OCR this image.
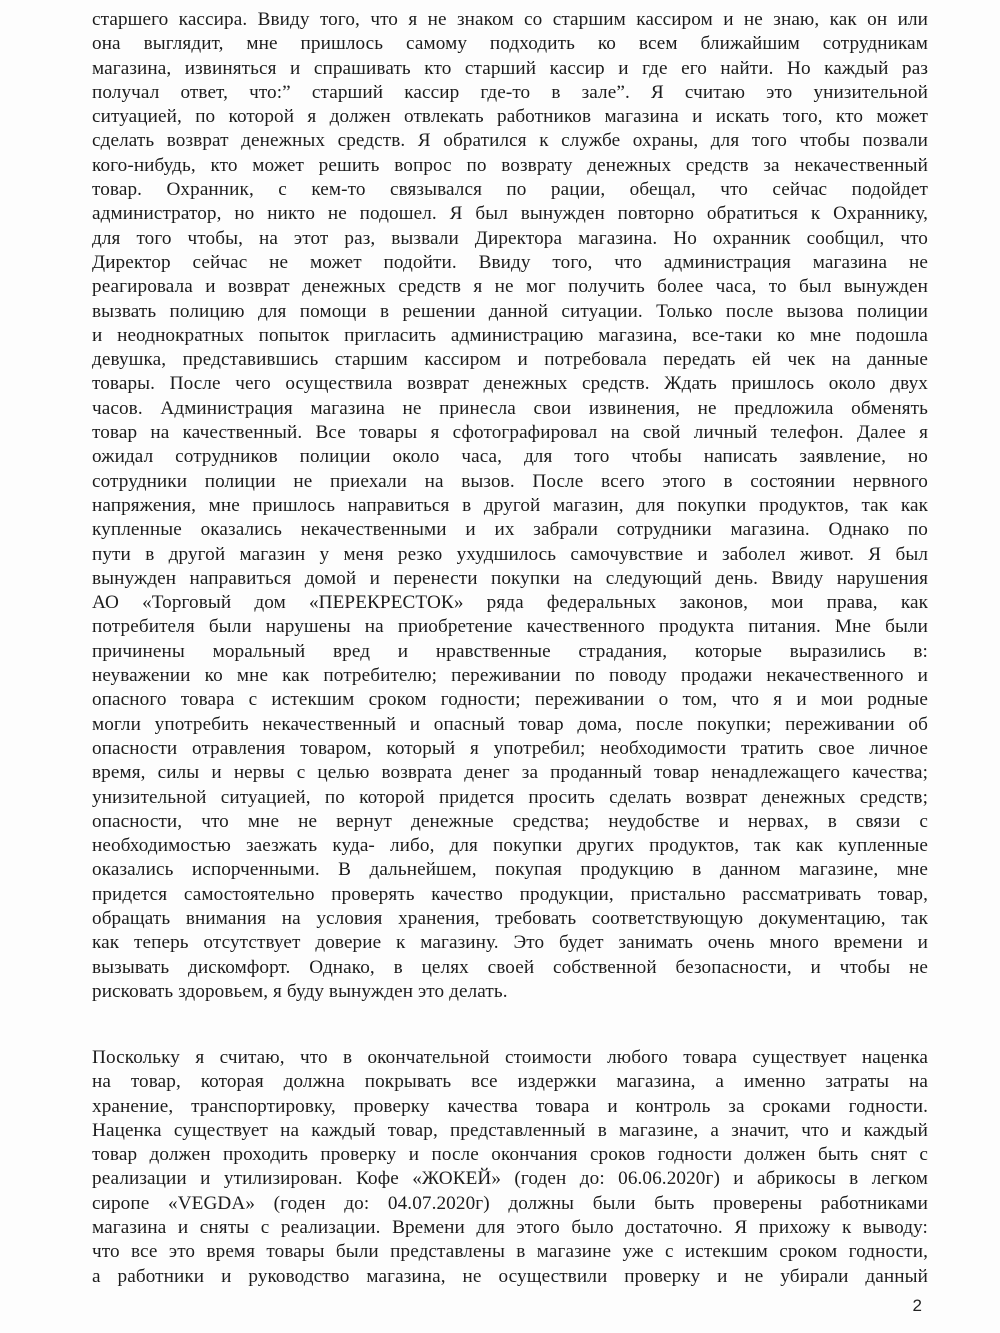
старшего кассира. Ввиду того, что я не знаком со старшим кассиром и не знаю, как он или
она выглядит, мне пришлось самому подходить ко всем ближайшим сотрудникам
магазина, извиняться и спрашивать кто старший кассир и где его найти. Но каждый раз
получал ответ, что:” старший кассир где-то в зале”. Я считаю это унизительной
ситуацией, по которой я должен отвлекать работников магазина и искать того, кто может
сделать возврат денежных средств. Я обратился к службе охраны, для того чтобы позвали
кого-нибудь, кто может решить вопрос по возврату денежных средств за некачественный
товар. Охранник, с кем-то связывался по рации, обещал, что сейчас подойдет
администратор, но никто не подошел. Я был вынужден повторно обратиться к Охраннику,
для того чтобы, на этот раз, вызвали Директора магазина. Но охранник сообщил, что
Директор сейчас не может подойти. Ввиду того, что администрация магазина не
реагировала и возврат денежных средств я не мог получить более часа, то был вынужден
вызвать полицию для помощи в решении данной ситуации. Только после вызова полиции
и неоднократных попыток пригласить администрацию магазина, все-таки ко мне подошла
девушка, представившись старшим кассиром и потребовала передать ей чек на данные
товары. После чего осуществила возврат денежных средств. Ждать пришлось около двух
часов. Администрация магазина не принесла свои извинения, не предложила обменять
товар на качественный. Все товары я сфотографировал на свой личный телефон. Далее я
ожидал сотрудников полиции около часа, для того чтобы написать заявление, но
сотрудники полиции не приехали на вызов. После всего этого в состоянии нервного
напряжения, мне пришлось направиться в другой магазин, для покупки продуктов, так как
купленные оказались некачественными и их забрали сотрудники магазина. Однако по
пути в другой магазин у меня резко ухудшилось самочувствие и заболел живот. Я был
вынужден направиться домой и перенести покупки на следующий день. Ввиду нарушения
АО «Торговый дом «ПЕРЕКРЕСТОК» ряда федеральных законов, мои права, как
потребителя были нарушены на приобретение качественного продукта питания. Мне были
причинены моральный вред и нравственные страдания, которые выразились в:
неуважении ко мне как потребителю; переживании по поводу продажи некачественного и
опасного товара с истекшим сроком годности; переживании о том, что я и мои родные
могли употребить некачественный и опасный товар дома, после покупки; переживании об
опасности отравления товаром, который я употребил; необходимости тратить свое личное
время, силы и нервы с целью возврата денег за проданный товар ненадлежащего качества;
унизительной ситуацией, по которой придется просить сделать возврат денежных средств;
опасности, что мне не вернут денежные средства; неудобстве и нервах, в связи с
необходимостью заезжать куда- либо, для покупки других продуктов, так как купленные
оказались испорченными. В дальнейшем, покупая продукцию в данном магазине, мне
придется самостоятельно проверять качество продукции, пристально рассматривать товар,
обращать внимания на условия хранения, требовать соответствующую документацию, так
как теперь отсутствует доверие к магазину. Это будет занимать очень много времени и
вызывать дискомфорт. Однако, в целях своей собственной безопасности, и чтобы не
рисковать здоровьем, я буду вынужден это делать.
Поскольку я считаю, что в окончательной стоимости любого товара существует наценка
на товар, которая должна покрывать все издержки магазина, а именно затраты на
хранение, транспортировку, проверку качества товара и контроль за сроками годности.
Наценка существует на каждый товар, представленный в магазине, а значит, что и каждый
товар должен проходить проверку и после окончания сроков годности должен быть снят с
реализации и утилизирован. Кофе «ЖОКЕЙ» (годен до: 06.06.2020г) и абрикосы в легком
сиропе «VEGDA» (годен до: 04.07.2020г) должны были быть проверены работниками
магазина и сняты с реализации. Времени для этого было достаточно. Я прихожу к выводу:
что все это время товары были представлены в магазине уже с истекшим сроком годности,
а работники и руководство магазина, не осуществили проверку и не убирали данный
2
